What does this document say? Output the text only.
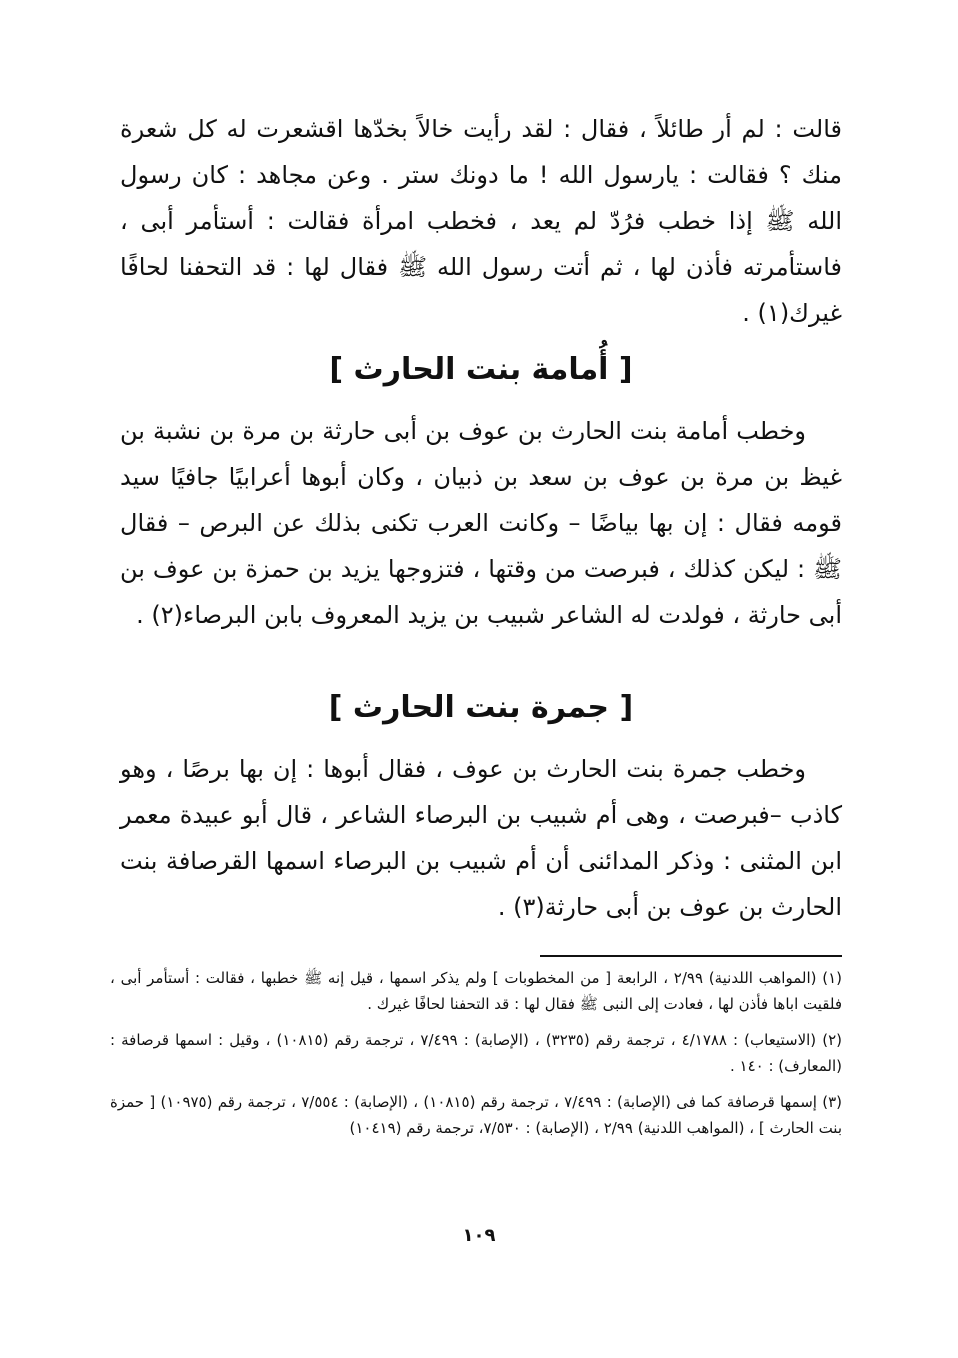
قالت : لم أر طائلاً ، فقال : لقد رأيت خالاً بخدّها اقشعرت له كل شعرة منك ؟ فقالت : يارسول الله ! ما دونك ستر . وعن مجاهد : كان رسول الله ﷺ إذا خطب فرُدّ لم يعد ، فخطب امرأة فقالت : أستأمر أبى ، فاستأمرته فأذن لها ، ثم أتت رسول الله ﷺ فقال لها : قد التحفنا لحافًا غيرك(١) .

[ أُمامة بنت الحارث ]

وخطب أمامة بنت الحارث بن عوف بن أبى حارثة بن مرة بن نشبة بن غيظ بن مرة بن عوف بن سعد بن ذبيان ، وكان أبوها أعرابيًا جافيًا سيد قومه فقال : إن بها بياضًا – وكانت العرب تكنى بذلك عن البرص – فقال ﷺ : ليكن كذلك ، فبرصت من وقتها ، فتزوجها يزيد بن حمزة بن عوف بن أبى حارثة ، فولدت له الشاعر شبيب بن يزيد المعروف بابن البرصاء(٢) .

[ جمرة بنت الحارث ]

وخطب جمرة بنت الحارث بن عوف ، فقال أبوها : إن بها برصًا ، وهو كاذب –فبرصت ، وهى أم شبيب بن البرصاء الشاعر ، قال أبو عبيدة معمر ابن المثنى : وذكر المدائنى أن أم شبيب بن البرصاء اسمها القرصافة بنت الحارث بن عوف بن أبى حارثة(٣) .

(١) (المواهب اللدنية) ٢/٩٩ ، الرابعة [ من المخطوبات ] ولم يذكر اسمها ، قيل إنه ﷺ خطبها ، فقالت : أستأمر أبى ، فلقيت اباها فأذن لها ، فعادت إلى النبى ﷺ فقال لها : قد التحفنا لحافًا غيرك .

(٢) (الاستيعاب) : ٤/١٧٨٨ ، ترجمة رقم (٣٢٣٥) ، (الإصابة) : ٧/٤٩٩ ، ترجمة رقم (١٠٨١٥) ، وقيل : اسمها قرصافة : (المعارف) : ١٤٠ .

(٣) إسمها قرصافة كما فى (الإصابة) : ٧/٤٩٩ ، ترجمة رقم (١٠٨١٥) ، (الإصابة) : ٧/٥٥٤ ، ترجمة رقم (١٠٩٧٥) [ حمزة بنت الحارث ] ، (المواهب اللدنية) ٢/٩٩ ، (الإصابة) : ٧/٥٣٠، ترجمة رقم (١٠٤١٩)

١٠٩
